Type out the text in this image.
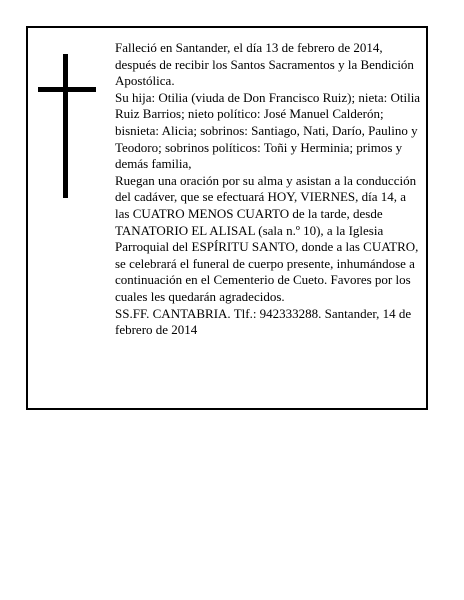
Falleció en Santander, el día 13 de febrero de 2014, después de recibir los Santos Sacramentos y la Bendición Apostólica.

Su hija: Otilia (viuda de Don Francisco Ruiz); nieta: Otilia Ruiz Barrios; nieto político: José Manuel Calderón; bisnieta: Alicia; sobrinos: Santiago, Nati, Darío, Paulino y Teodoro; sobrinos políticos: Toñi y Herminia; primos y demás familia,

Ruegan una oración por su alma y asistan a la conducción del cadáver, que se efectuará HOY, VIERNES, día 14, a las CUATRO MENOS CUARTO de la tarde, desde TANATORIO EL ALISAL (sala n.º 10), a la Iglesia Parroquial del ESPÍRITU SANTO, donde a las CUATRO, se celebrará el funeral de cuerpo presente, inhumándose a continuación en el Cementerio de Cueto. Favores por los cuales les quedarán agradecidos.

SS.FF. CANTABRIA. Tlf.: 942333288. Santander, 14 de febrero de 2014
